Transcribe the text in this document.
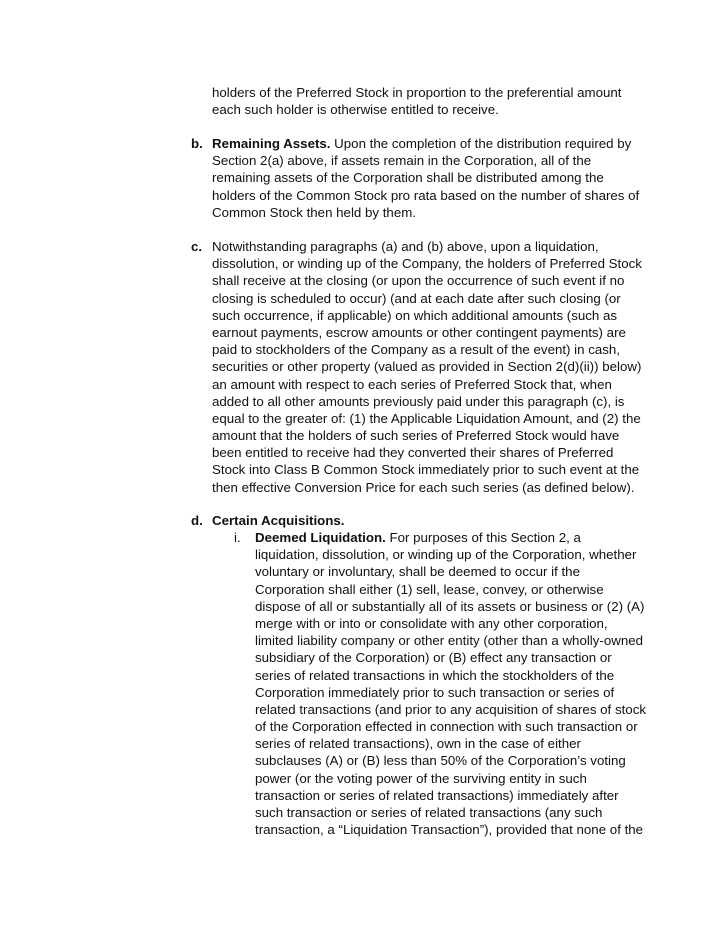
holders of the Preferred Stock in proportion to the preferential amount
each such holder is otherwise entitled to receive.
b. Remaining Assets. Upon the completion of the distribution required by
Section 2(a) above, if assets remain in the Corporation, all of the
remaining assets of the Corporation shall be distributed among the
holders of the Common Stock pro rata based on the number of shares of
Common Stock then held by them.
c. Notwithstanding paragraphs (a) and (b) above, upon a liquidation,
dissolution, or winding up of the Company, the holders of Preferred Stock
shall receive at the closing (or upon the occurrence of such event if no
closing is scheduled to occur) (and at each date after such closing (or
such occurrence, if applicable) on which additional amounts (such as
earnout payments, escrow amounts or other contingent payments) are
paid to stockholders of the Company as a result of the event) in cash,
securities or other property (valued as provided in Section 2(d)(ii)) below)
an amount with respect to each series of Preferred Stock that, when
added to all other amounts previously paid under this paragraph (c), is
equal to the greater of: (1) the Applicable Liquidation Amount, and (2) the
amount that the holders of such series of Preferred Stock would have
been entitled to receive had they converted their shares of Preferred
Stock into Class B Common Stock immediately prior to such event at the
then effective Conversion Price for each such series (as defined below).
d. Certain Acquisitions.
i. Deemed Liquidation. For purposes of this Section 2, a
liquidation, dissolution, or winding up of the Corporation, whether
voluntary or involuntary, shall be deemed to occur if the
Corporation shall either (1) sell, lease, convey, or otherwise
dispose of all or substantially all of its assets or business or (2) (A)
merge with or into or consolidate with any other corporation,
limited liability company or other entity (other than a wholly-owned
subsidiary of the Corporation) or (B) effect any transaction or
series of related transactions in which the stockholders of the
Corporation immediately prior to such transaction or series of
related transactions (and prior to any acquisition of shares of stock
of the Corporation effected in connection with such transaction or
series of related transactions), own in the case of either
subclauses (A) or (B) less than 50% of the Corporation’s voting
power (or the voting power of the surviving entity in such
transaction or series of related transactions) immediately after
such transaction or series of related transactions (any such
transaction, a “Liquidation Transaction”), provided that none of the
